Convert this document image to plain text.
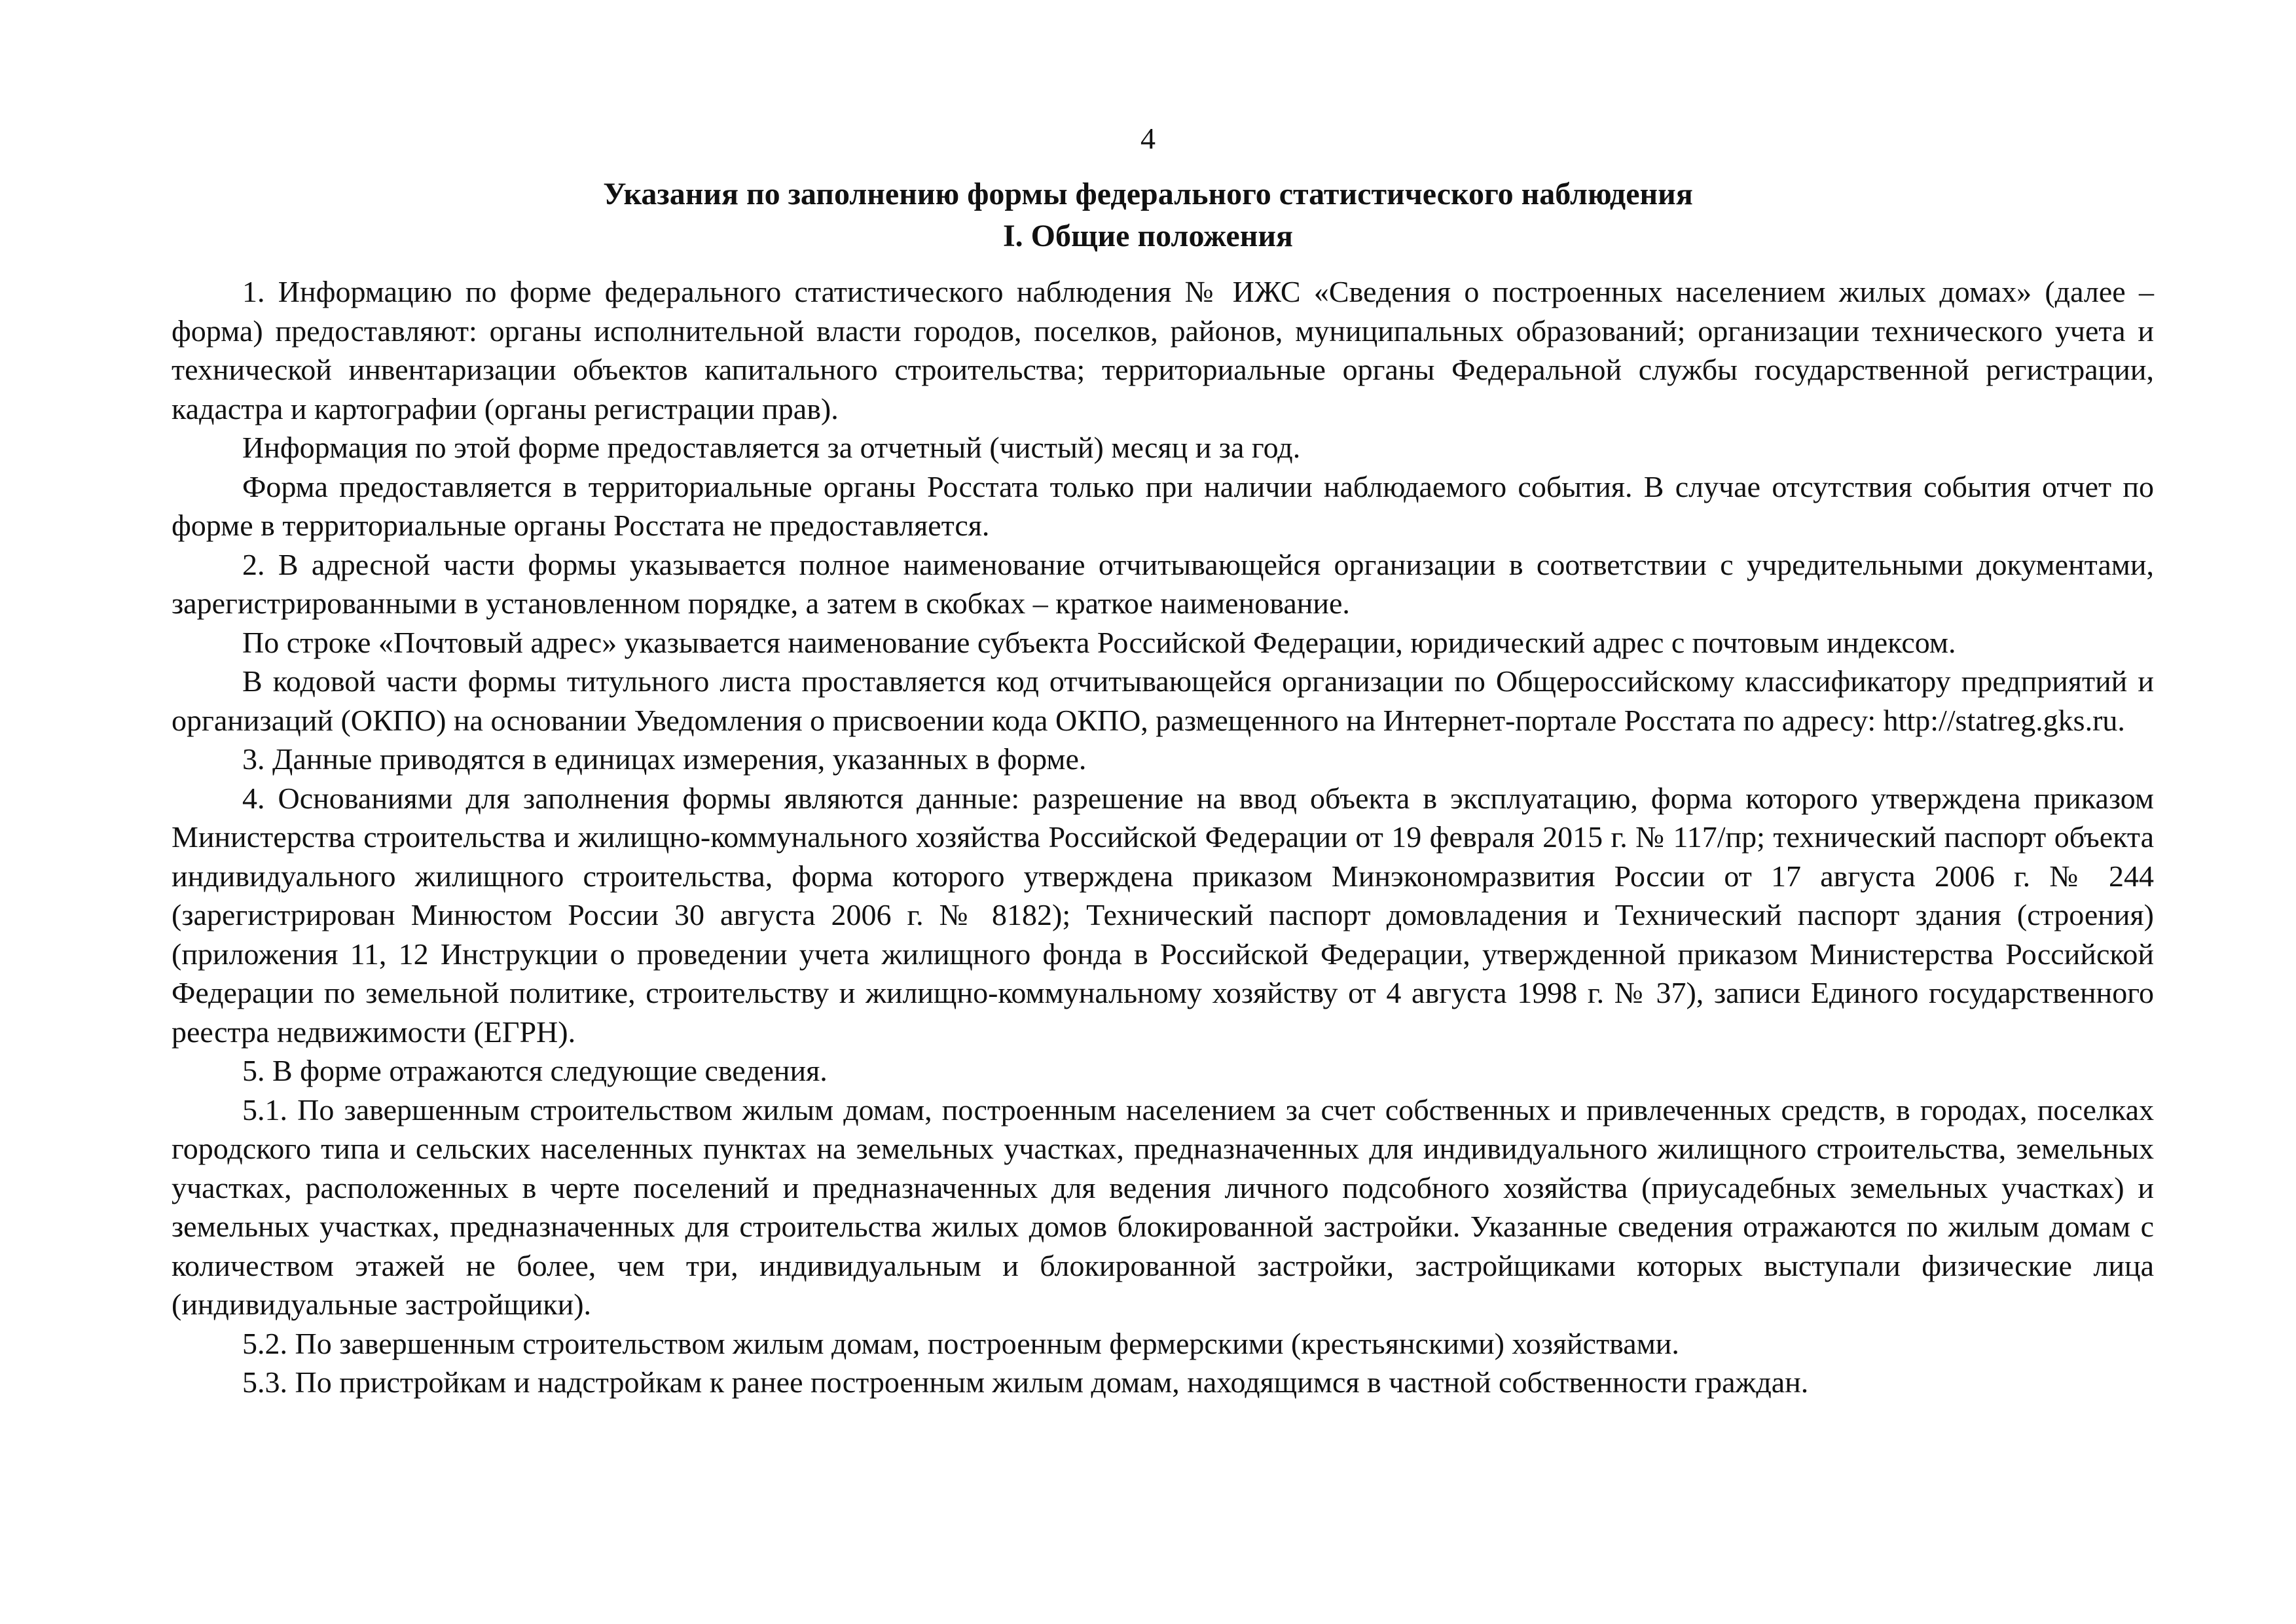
4
Указания по заполнению формы федерального статистического наблюдения
I. Общие положения

1. Информацию по форме федерального статистического наблюдения № ИЖС «Сведения о построенных населением жилых домах» (далее – форма) предоставляют: органы исполнительной власти городов, поселков, районов, муниципальных образований; организации технического учета и технической инвентаризации объектов капитального строительства; территориальные органы Федеральной службы государственной регистрации, кадастра и картографии (органы регистрации прав).

Информация по этой форме предоставляется за отчетный (чистый) месяц и за год.

Форма предоставляется в территориальные органы Росстата только при наличии наблюдаемого события. В случае отсутствия события отчет по форме в территориальные органы Росстата не предоставляется.

2. В адресной части формы указывается полное наименование отчитывающейся организации в соответствии с учредительными документами, зарегистрированными в установленном порядке, а затем в скобках – краткое наименование.

По строке «Почтовый адрес» указывается наименование субъекта Российской Федерации, юридический адрес с почтовым индексом.

В кодовой части формы титульного листа проставляется код отчитывающейся организации по Общероссийскому классификатору предприятий и организаций (ОКПО) на основании Уведомления о присвоении кода ОКПО, размещенного на Интернет-портале Росстата по адресу: http://statreg.gks.ru.

3. Данные приводятся в единицах измерения, указанных в форме.

4. Основаниями для заполнения формы являются данные: разрешение на ввод объекта в эксплуатацию, форма которого утверждена приказом Министерства строительства и жилищно-коммунального хозяйства Российской Федерации от 19 февраля 2015 г. № 117/пр; технический паспорт объекта индивидуального жилищного строительства, форма которого утверждена приказом Минэкономразвития России от 17 августа 2006 г. № 244 (зарегистрирован Минюстом России 30 августа 2006 г. № 8182); Технический паспорт домовладения и Технический паспорт здания (строения) (приложения 11, 12 Инструкции о проведении учета жилищного фонда в Российской Федерации, утвержденной приказом Министерства Российской Федерации по земельной политике, строительству и жилищно-коммунальному хозяйству от 4 августа 1998 г. № 37), записи Единого государственного реестра недвижимости (ЕГРН).

5. В форме отражаются следующие сведения.

5.1. По завершенным строительством жилым домам, построенным населением за счет собственных и привлеченных средств, в городах, поселках городского типа и сельских населенных пунктах на земельных участках, предназначенных для индивидуального жилищного строительства, земельных участках, расположенных в черте поселений и предназначенных для ведения личного подсобного хозяйства (приусадебных земельных участках) и земельных участках, предназначенных для строительства жилых домов блокированной застройки. Указанные сведения отражаются по жилым домам с количеством этажей не более, чем три, индивидуальным и блокированной застройки, застройщиками которых выступали физические лица (индивидуальные застройщики).

5.2. По завершенным строительством жилым домам, построенным фермерскими (крестьянскими) хозяйствами.

5.3. По пристройкам и надстройкам к ранее построенным жилым домам, находящимся в частной собственности граждан.
